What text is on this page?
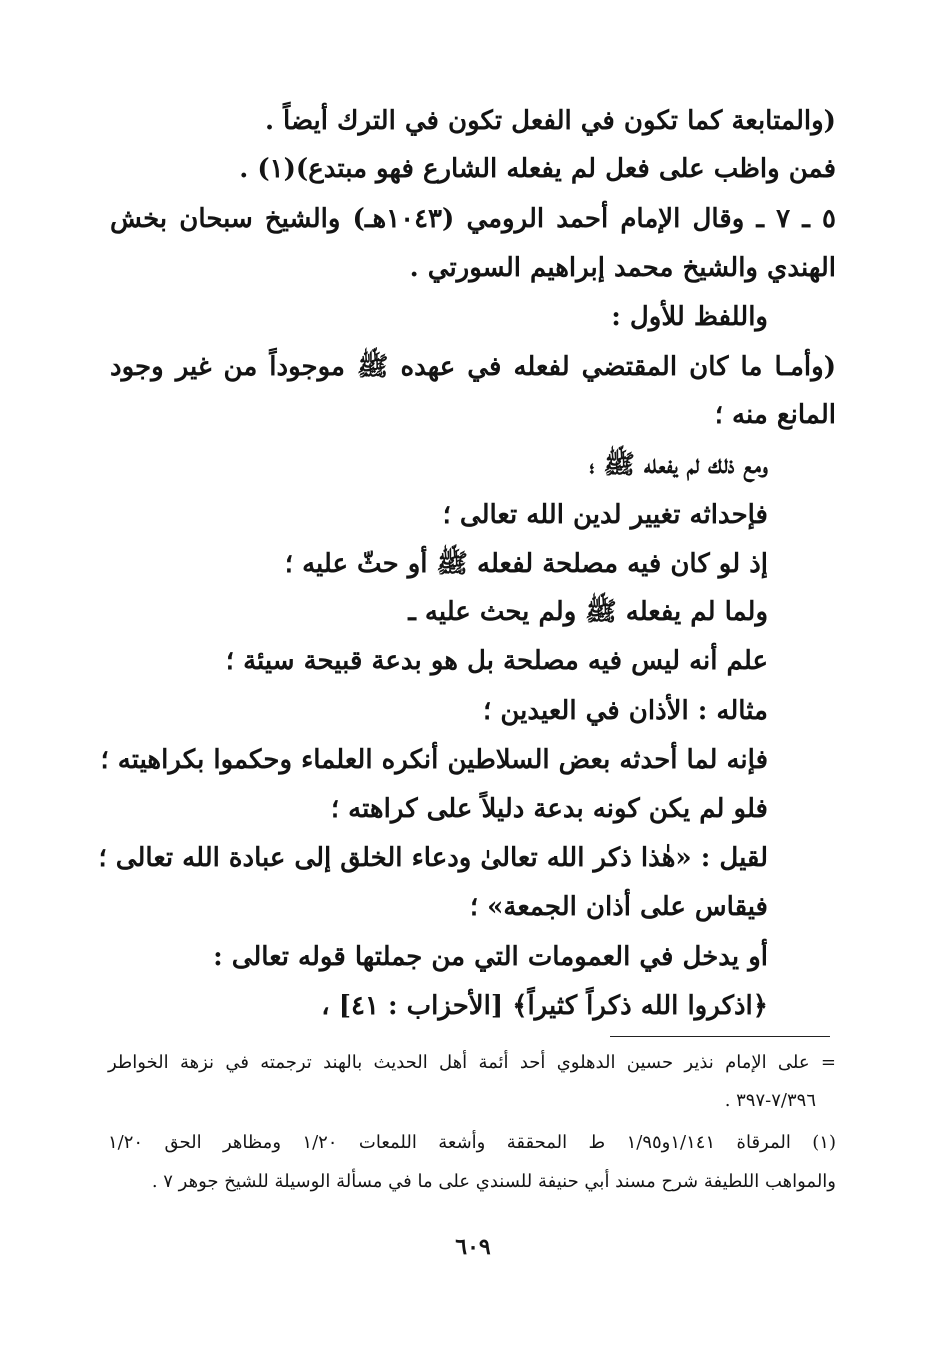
(والمتابعة كما تكون في الفعل تكون في الترك أيضاً .
فمن واظب على فعل لم يفعله الشارع فهو مبتدع)(١) .
٥ ـ ٧ ـ وقال الإمام أحمد الرومي (١٠٤٣هـ) والشيخ سبحان بخش
الهندي والشيخ محمد إبراهيم السورتي .
واللفظ للأول :
(وأمـا ما كان المقتضي لفعله في عهده ﷺ موجوداً من غير وجود
المانع منه ؛
ومع ذلك لم يفعله ﷺ ؛
فإحداثه تغيير لدين الله تعالى ؛
إذ لو كان فيه مصلحة لفعله ﷺ أو حثّ عليه ؛
ولما لم يفعله ﷺ ولم يحث عليه ـ
علم أنه ليس فيه مصلحة بل هو بدعة قبيحة سيئة ؛
مثاله : الأذان في العيدين ؛
فإنه لما أحدثه بعض السلاطين أنكره العلماء وحكموا بكراهيته ؛
فلو لم يكن كونه بدعة دليلاً على كراهته ؛
لقيل : «هٰذا ذكر الله تعالىٰ ودعاء الخلق إلى عبادة الله تعالى ؛
فيقاس على أذان الجمعة» ؛
أو يدخل في العمومات التي من جملتها قوله تعالى :
﴿اذكروا الله ذكراً كثيراً﴾ [الأحزاب : ٤١] ،
= على الإمام نذير حسين الدهلوي أحد أئمة أهل الحديث بالهند ترجمته في نزهة الخواطر
٧/٣٩٦-٣٩٧ .
(١) المرقاة ١/١٤١و١/٩٥ ط المحققة وأشعة اللمعات ١/٢٠ ومظاهر الحق ١/٢٠
والمواهب اللطيفة شرح مسند أبي حنيفة للسندي على ما في مسألة الوسيلة للشيخ جوهر ٧ .
٦٠٩
